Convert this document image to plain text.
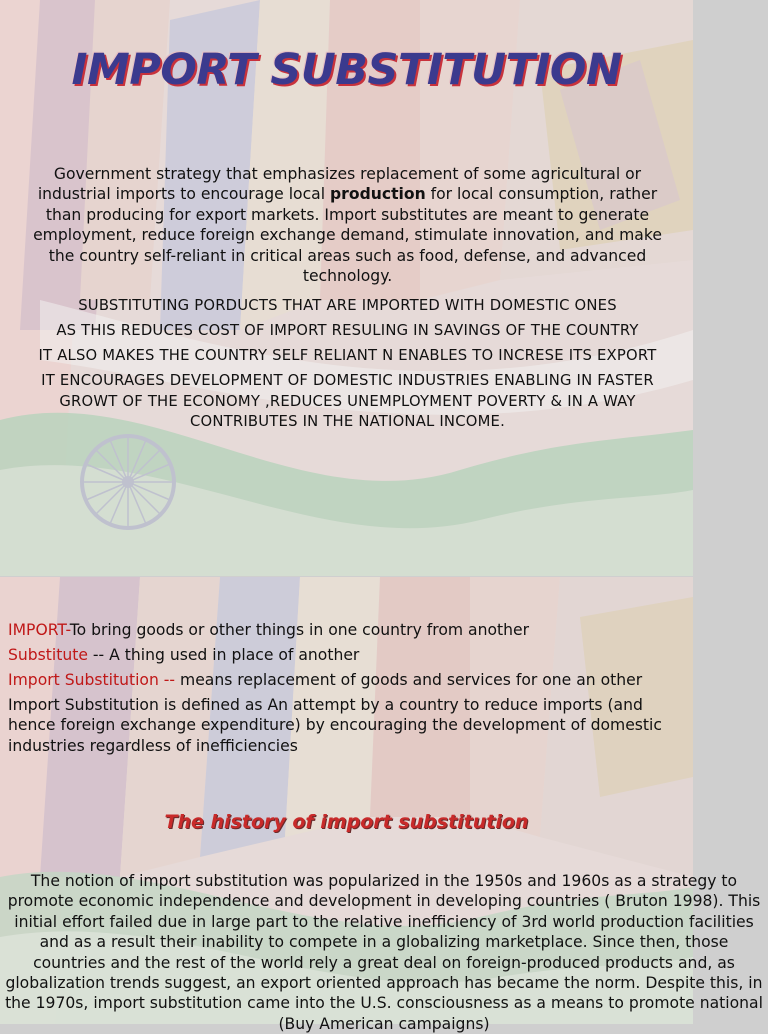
IMPORT SUBSTITUTION
Government strategy that emphasizes replacement of some agricultural or industrial imports to encourage local production for local consumption, rather than producing for export markets. Import substitutes are meant to generate employment, reduce foreign exchange demand, stimulate innovation, and make the country self-reliant in critical areas such as food, defense, and advanced technology.
SUBSTITUTING PORDUCTS THAT ARE IMPORTED WITH DOMESTIC ONES
AS THIS REDUCES COST OF IMPORT RESULING IN SAVINGS OF THE COUNTRY
IT ALSO MAKES THE COUNTRY SELF RELIANT N ENABLES TO INCRESE ITS EXPORT
IT ENCOURAGES DEVELOPMENT OF DOMESTIC INDUSTRIES ENABLING IN FASTER GROWT OF THE ECONOMY ,REDUCES UNEMPLOYMENT POVERTY & IN A WAY CONTRIBUTES IN THE NATIONAL INCOME.
IMPORT-To bring goods or other things in one country from another
Substitute -- A thing used in place of another
Import Substitution -- means replacement of goods and services for one an other
Import Substitution is defined as An attempt by a country to reduce imports (and hence foreign exchange expenditure) by encouraging the development of domestic industries regardless of inefficiencies
The history of import substitution
The notion of import substitution was popularized in the 1950s and 1960s as a strategy to promote economic independence and development in developing countries ( Bruton 1998). This initial effort failed due in large part to the relative inefficiency of 3rd world production facilities and as a result their inability to compete in a globalizing marketplace. Since then, those countries and the rest of the world rely a great deal on foreign-produced products and, as globalization trends suggest, an export oriented approach has became the norm. Despite this, in the 1970s, import substitution came into the U.S. consciousness as a means to promote national (Buy American campaigns)
